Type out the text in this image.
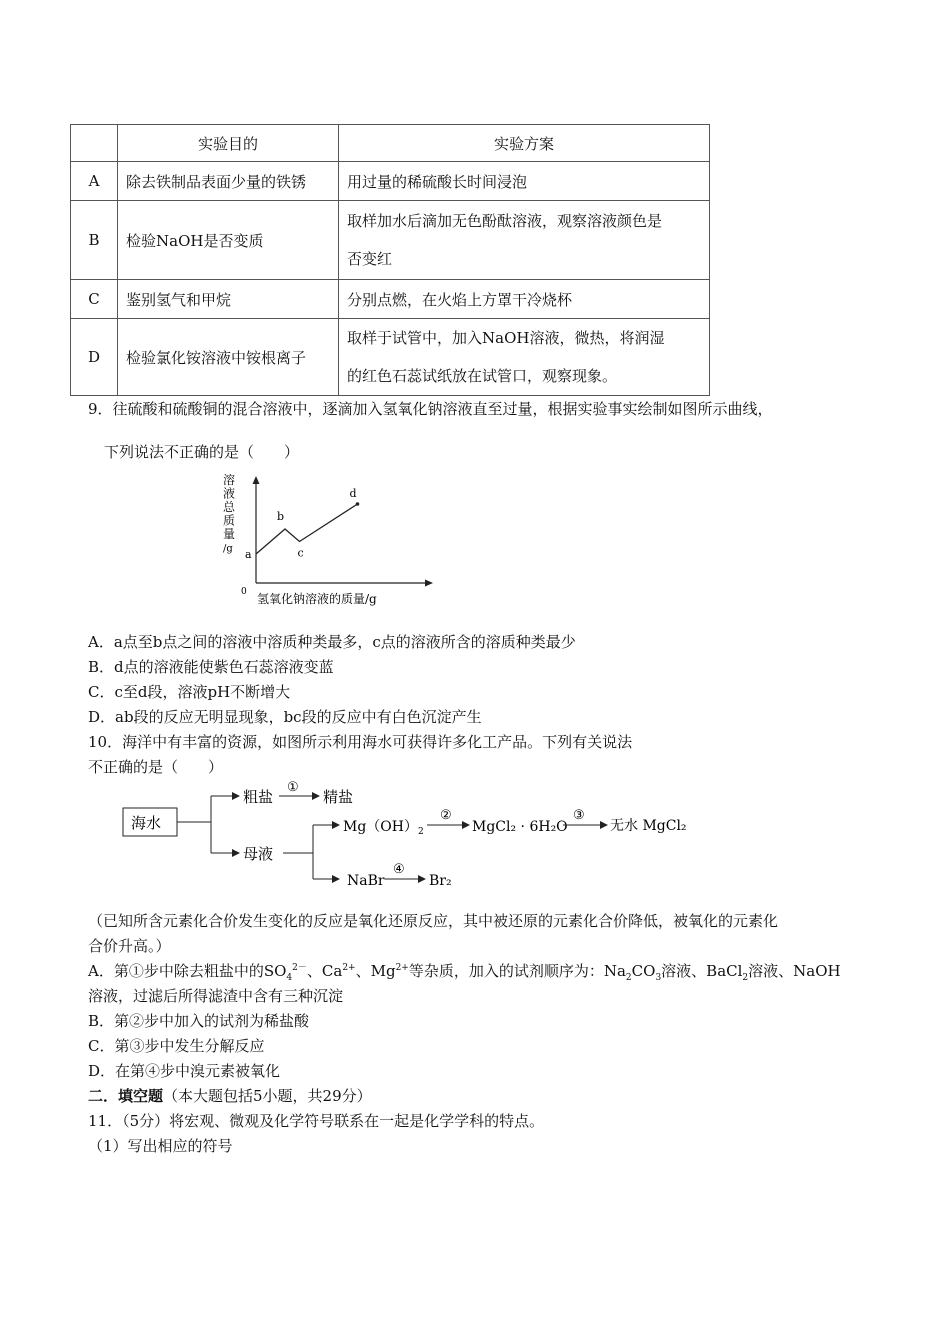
	实验目的	实验方案
A	除去铁制品表面少量的铁锈	用过量的稀硫酸长时间浸泡
B	检验NaOH是否变质	取样加水后滴加无色酚酞溶液，观察溶液颜色是
否变红

C	鉴别氢气和甲烷	分别点燃，在火焰上方罩干冷烧杯
D	检验氯化铵溶液中铵根离子	取样于试管中，加入NaOH溶液，微热，将润湿
的红色石蕊试纸放在试管口，观察现象。
9．往硫酸和硫酸铜的混合溶液中，逐滴加入氢氧化钠溶液直至过量，根据实验事实绘制如图所示曲线，
下列说法不正确的是（　　）
溶
液
总
质
量
/g
0 氢氧化钠溶液的质量/g
a
b
c
d
A．a点至b点之间的溶液中溶质种类最多，c点的溶液所含的溶质种类最少
B．d点的溶液能使紫色石蕊溶液变蓝
C．c至d段，溶液pH不断增大
D．ab段的反应无明显现象，bc段的反应中有白色沉淀产生
10．海洋中有丰富的资源，如图所示利用海水可获得许多化工产品。下列有关说法
不正确的是（　　）
海水
粗盐
①
精盐
母液
$Mg(OH)_2$
②
MgCl₂ · 6H₂O
③
无水 MgCl₂
NaBr
④
Br₂
（已知所含元素化合价发生变化的反应是氧化还原反应，其中被还原的元素化合价降低，被氧化的元素化
合价升高。）
A．第①步中除去粗盐中的$SO_4^{2-}$、$Ca^{2+}$、$Mg^{2+}$等杂质，加入的试剂顺序为：$Na_2CO_3$溶液、BaCl$_2$溶液、NaOH
溶液，过滤后所得滤渣中含有三种沉淀
B．第②步中加入的试剂为稀盐酸
C．第③步中发生分解反应
D．在第④步中溴元素被氧化
二．填空题（本大题包括5小题，共29分）
11．（5分）将宏观、微观及化学符号联系在一起是化学学科的特点。
（1）写出相应的符号
